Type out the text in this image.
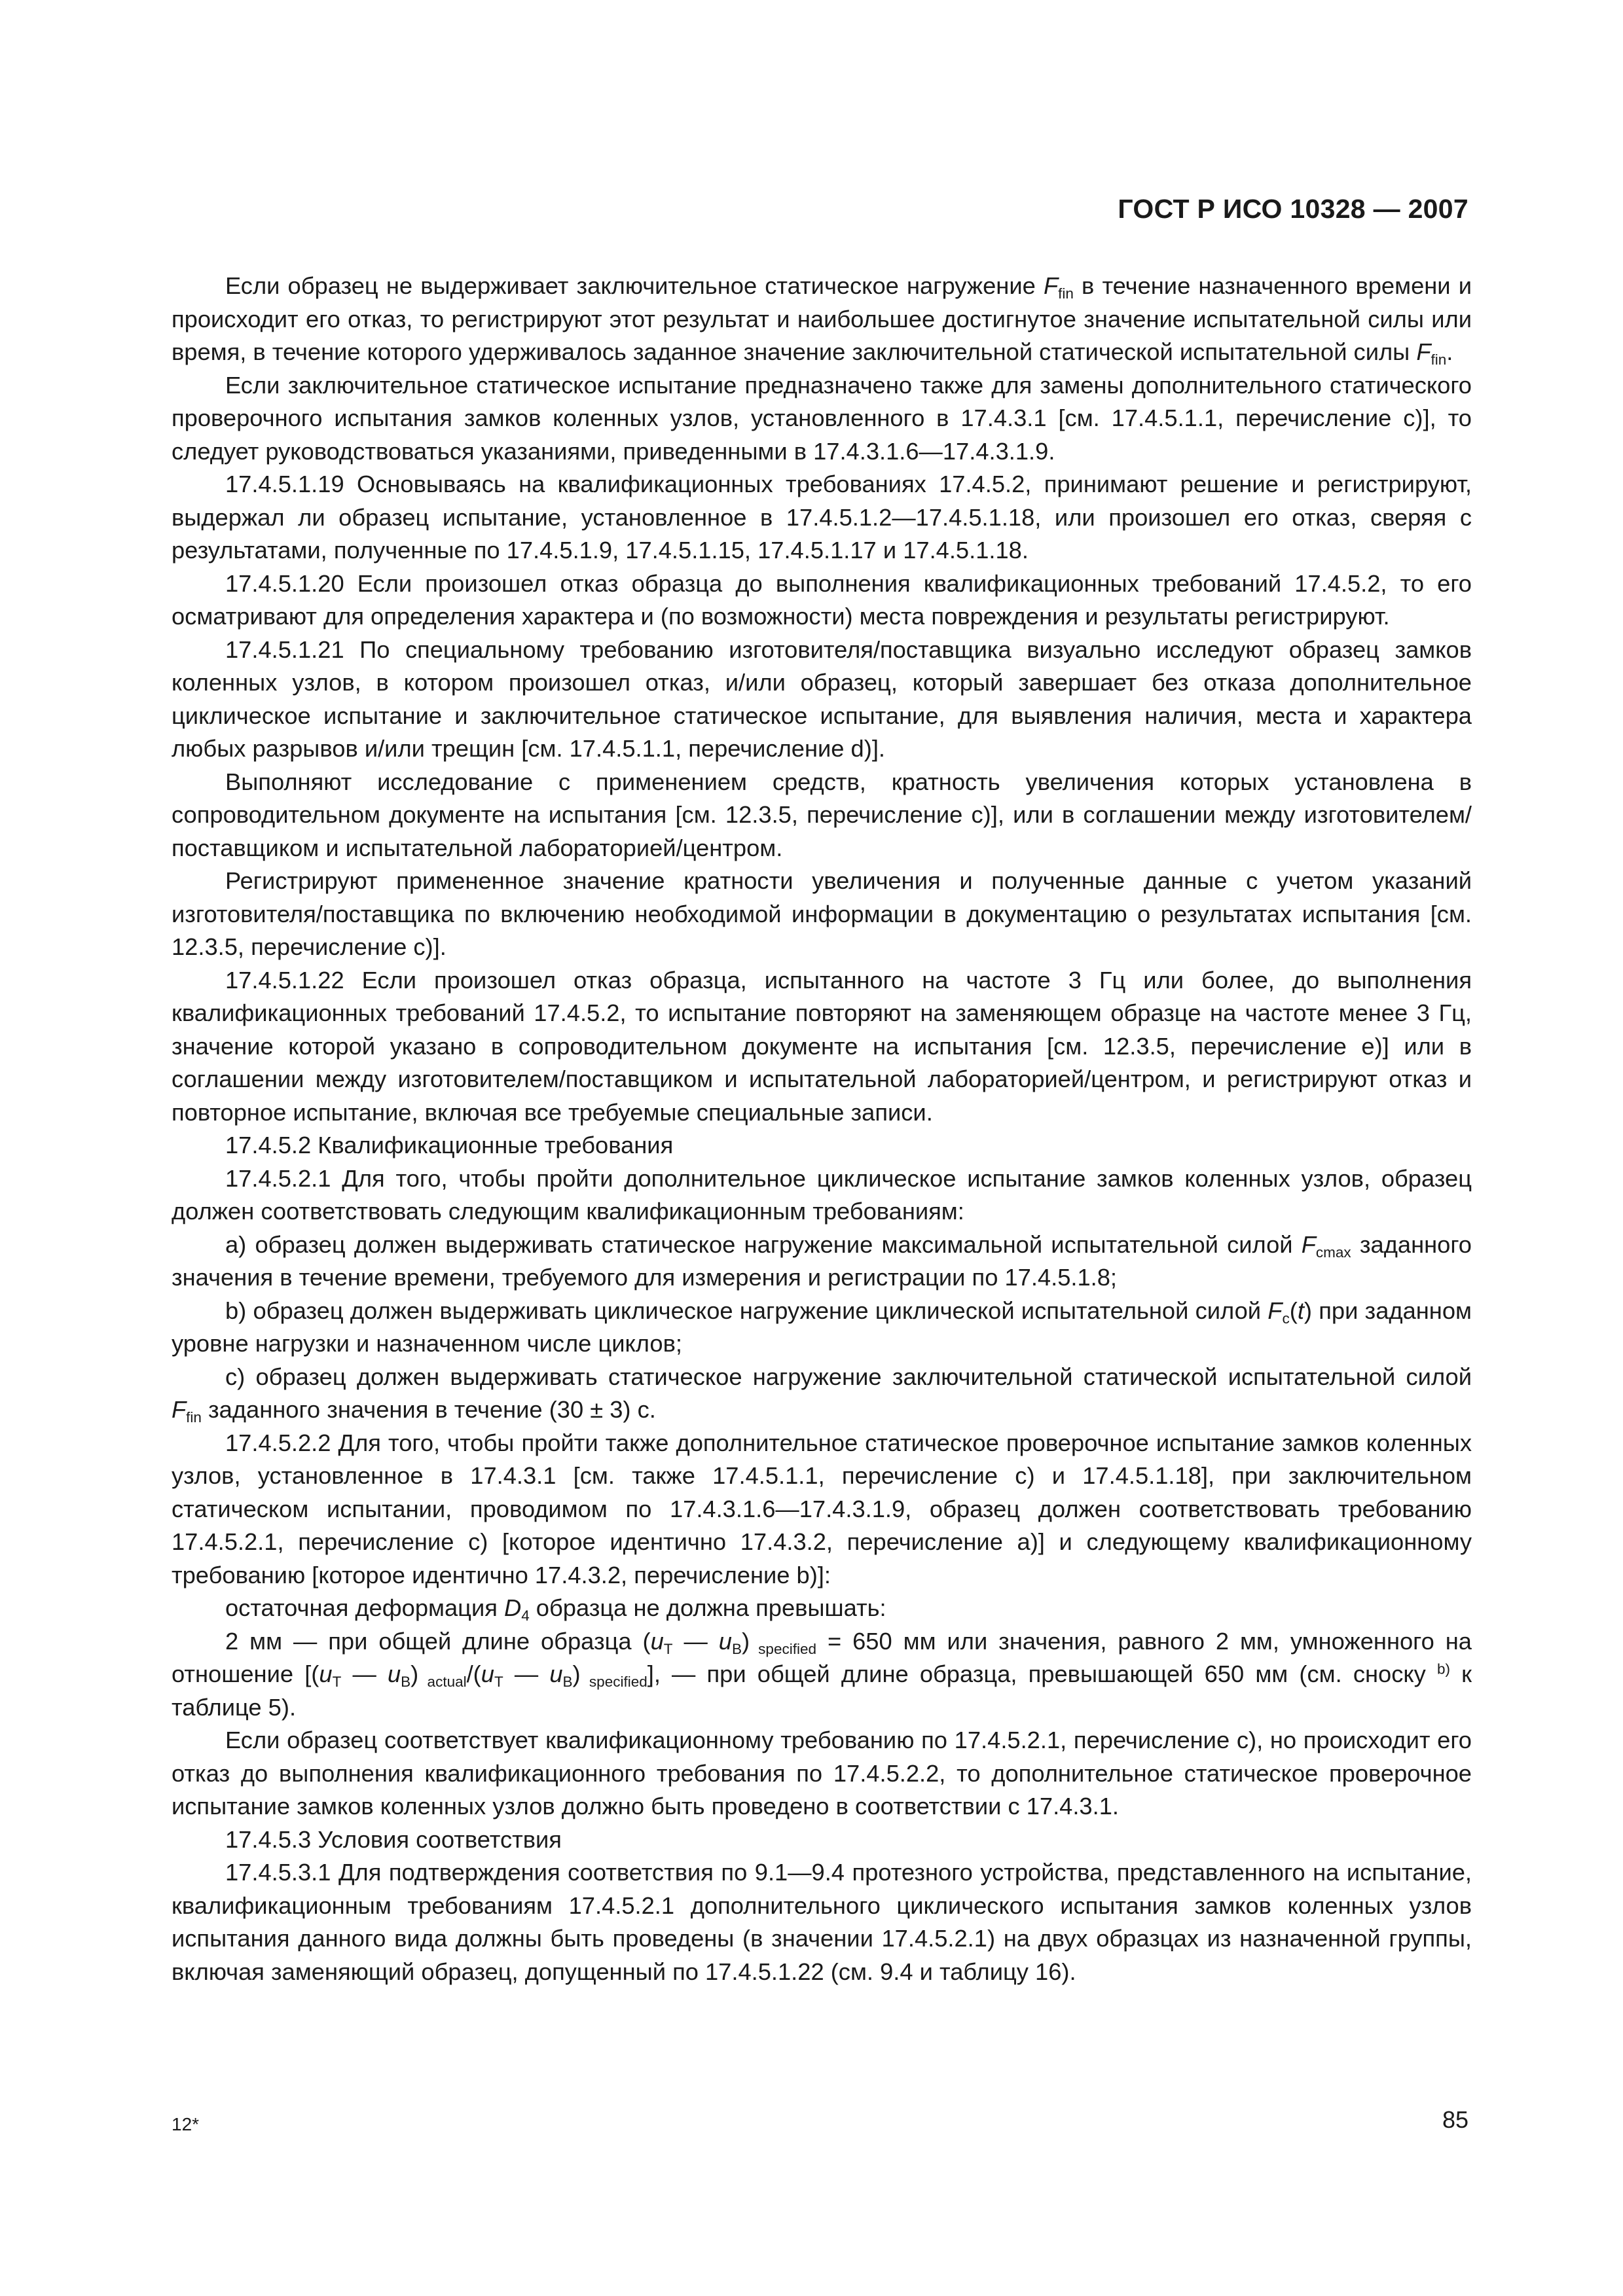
ГОСТ Р ИСО 10328 — 2007

Если образец не выдерживает заключительное статическое нагружение $F_{fin}$ в течение назначенного времени и происходит его отказ, то регистрируют этот результат и наибольшее достигнутое значение испытательной силы или время, в течение которого удерживалось заданное значение заключительной статической испытательной силы $F_{fin}$.

Если заключительное статическое испытание предназначено также для замены дополнительного статического проверочного испытания замков коленных узлов, установленного в 17.4.3.1 [см. 17.4.5.1.1, перечисление с)], то следует руководствоваться указаниями, приведенными в 17.4.3.1.6—17.4.3.1.9.

17.4.5.1.19 Основываясь на квалификационных требованиях 17.4.5.2, принимают решение и регистрируют, выдержал ли образец испытание, установленное в 17.4.5.1.2—17.4.5.1.18, или произошел его отказ, сверяя с результатами, полученные по 17.4.5.1.9, 17.4.5.1.15, 17.4.5.1.17 и 17.4.5.1.18.

17.4.5.1.20 Если произошел отказ образца до выполнения квалификационных требований 17.4.5.2, то его осматривают для определения характера и (по возможности) места повреждения и результаты регистрируют.

17.4.5.1.21 По специальному требованию изготовителя/поставщика визуально исследуют образец замков коленных узлов, в котором произошел отказ, и/или образец, который завершает без отказа дополнительное циклическое испытание и заключительное статическое испытание, для выявления наличия, места и характера любых разрывов и/или трещин [см. 17.4.5.1.1, перечисление d)].

Выполняют исследование с применением средств, кратность увеличения которых установлена в сопроводительном документе на испытания [см. 12.3.5, перечисление с)], или в соглашении между изготовителем/поставщиком и испытательной лабораторией/центром.

Регистрируют примененное значение кратности увеличения и полученные данные с учетом указаний изготовителя/поставщика по включению необходимой информации в документацию о результатах испытания [см. 12.3.5, перечисление с)].

17.4.5.1.22 Если произошел отказ образца, испытанного на частоте 3 Гц или более, до выполнения квалификационных требований 17.4.5.2, то испытание повторяют на заменяющем образце на частоте менее 3 Гц, значение которой указано в сопроводительном документе на испытания [см. 12.3.5, перечисление е)] или в соглашении между изготовителем/поставщиком и испытательной лабораторией/центром, и регистрируют отказ и повторное испытание, включая все требуемые специальные записи.

17.4.5.2 Квалификационные требования

17.4.5.2.1 Для того, чтобы пройти дополнительное циклическое испытание замков коленных узлов, образец должен соответствовать следующим квалификационным требованиям:

a) образец должен выдерживать статическое нагружение максимальной испытательной силой $F_{cmax}$ заданного значения в течение времени, требуемого для измерения и регистрации по 17.4.5.1.8;

b) образец должен выдерживать циклическое нагружение циклической испытательной силой $F_c(t)$ при заданном уровне нагрузки и назначенном числе циклов;

c) образец должен выдерживать статическое нагружение заключительной статической испытательной силой $F_{fin}$ заданного значения в течение (30 ± 3) с.

17.4.5.2.2 Для того, чтобы пройти также дополнительное статическое проверочное испытание замков коленных узлов, установленное в 17.4.3.1 [см. также 17.4.5.1.1, перечисление с) и 17.4.5.1.18], при заключительном статическом испытании, проводимом по 17.4.3.1.6—17.4.3.1.9, образец должен соответствовать требованию 17.4.5.2.1, перечисление с) [которое идентично 17.4.3.2, перечисление а)] и следующему квалификационному требованию [которое идентично 17.4.3.2, перечисление b)]:

остаточная деформация $D_4$ образца не должна превышать:

2 мм — при общей длине образца ($u_T$ — $u_B$) $_{specified}$ = 650 мм или значения, равного 2 мм, умноженного на отношение [($u_T$ — $u_B$) $_{actual}/(u_T$ — $u_B$) $_{specified}$], — при общей длине образца, превышающей 650 мм (см. сноску $^{b)}$ к таблице 5).

Если образец соответствует квалификационному требованию по 17.4.5.2.1, перечисление с), но происходит его отказ до выполнения квалификационного требования по 17.4.5.2.2, то дополнительное статическое проверочное испытание замков коленных узлов должно быть проведено в соответствии с 17.4.3.1.

17.4.5.3 Условия соответствия

17.4.5.3.1 Для подтверждения соответствия по 9.1—9.4 протезного устройства, представленного на испытание, квалификационным требованиям 17.4.5.2.1 дополнительного циклического испытания замков коленных узлов испытания данного вида должны быть проведены (в значении 17.4.5.2.1) на двух образцах из назначенной группы, включая заменяющий образец, допущенный по 17.4.5.1.22 (см. 9.4 и таблицу 16).

12*	85
